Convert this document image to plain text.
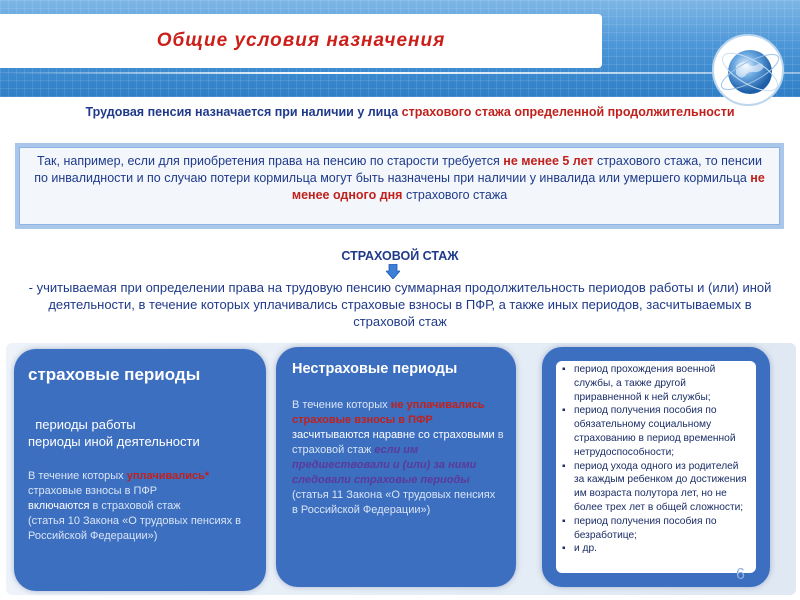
Общие условия назначения
Трудовая пенсия назначается при наличии у лица страхового стажа определенной продолжительности
Так, например, если для приобретения права на пенсию по старости требуется не менее 5 лет страхового стажа, то пенсии по инвалидности и по случаю потери кормильца могут быть назначены при наличии у инвалида или умершего кормильца не менее одного дня страхового стажа
СТРАХОВОЙ СТАЖ
- учитываемая при определении права на трудовую пенсию суммарная продолжительность периодов работы и (или) иной деятельности, в течение которых уплачивались страховые взносы в ПФР, а также иных периодов, засчитываемых в страховой стаж
страховые периоды
периоды работы
периоды иной деятельности
В течение которых уплачивались* страховые взносы в ПФР
включаются в страховой стаж
(статья 10 Закона «О трудовых пенсиях в Российской Федерации»)
Нестраховые периоды
В течение которых не уплачивались страховые взносы в ПФР
засчитываются наравне со страховыми в страховой стаж если им предшествовали и (или) за ними следовали страховые периоды
(статья 11 Закона «О трудовых пенсиях в Российской Федерации»)
▪ период прохождения военной службы, а также другой приравненной к ней службы;
▪ период получения пособия по обязательному социальному страхованию в период временной нетрудоспособности;
▪ период ухода одного из родителей за каждым ребенком до достижения им возраста полутора лет, но не более трех лет в общей сложности;
▪ период получения пособия по безработице;
▪ и др.
6
